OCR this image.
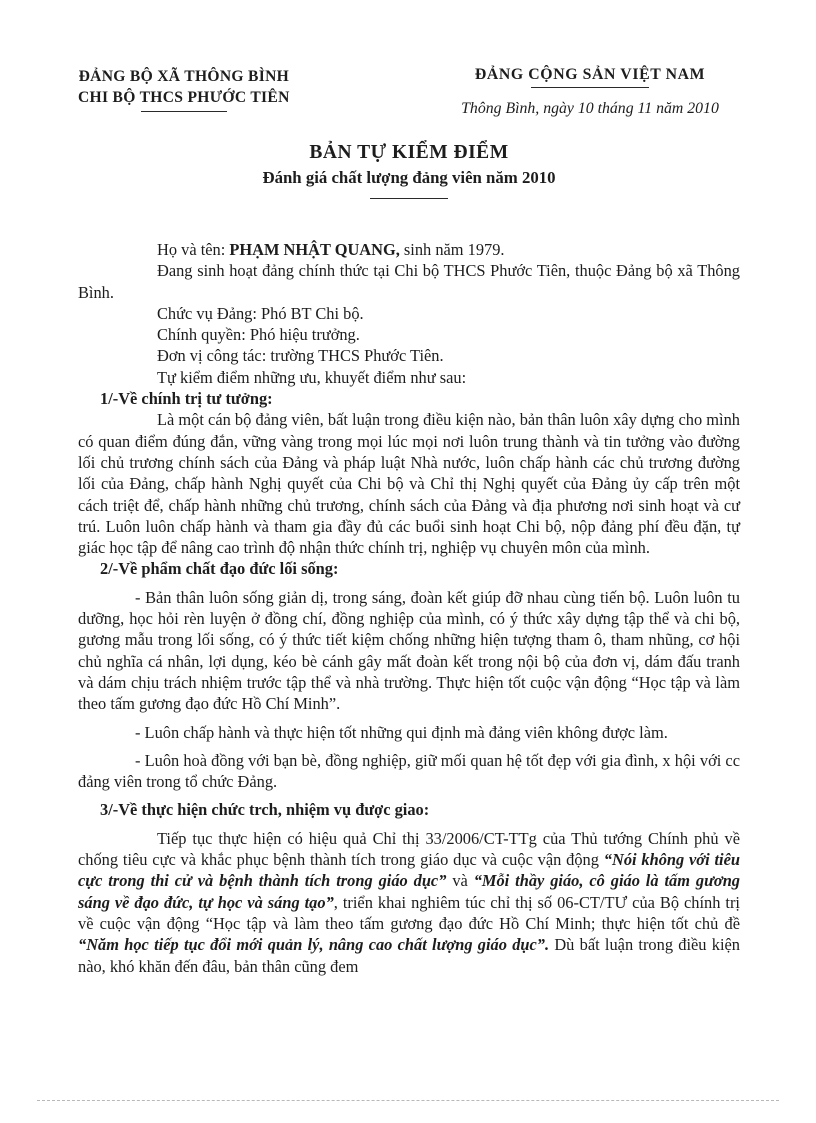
ĐẢNG BỘ XÃ THÔNG BÌNH
CHI BỘ THCS PHƯỚC TIÊN
ĐẢNG CỘNG SẢN VIỆT NAM
Thông Bình, ngày 10 tháng 11 năm 2010
BẢN TỰ KIỂM ĐIỂM
Đánh giá chất lượng đảng viên năm 2010

Họ và tên: PHẠM NHẬT QUANG, sinh năm 1979.

Đang sinh hoạt đảng chính thức tại Chi bộ THCS Phước Tiên, thuộc Đảng bộ xã Thông Bình.

Chức vụ Đảng: Phó BT Chi bộ.

Chính quyền: Phó hiệu trưởng.

Đơn vị công tác: trường THCS Phước Tiên.

Tự kiểm điểm những ưu, khuyết điểm như sau:

1/-Về chính trị tư tưởng:

Là một cán bộ đảng viên, bất luận trong điều kiện nào, bản thân luôn xây dựng cho mình có quan điểm đúng đắn, vững vàng trong mọi lúc mọi nơi luôn trung thành và tin tưởng vào đường lối chủ trương chính sách của Đảng và pháp luật Nhà nước, luôn chấp hành các chủ trương đường lối của Đảng, chấp hành Nghị quyết của Chi bộ và Chỉ thị Nghị quyết của Đảng ủy cấp trên một cách triệt để, chấp hành những chủ trương, chính sách của Đảng và địa phương nơi sinh hoạt và cư trú. Luôn luôn chấp hành và tham gia đầy đủ các buổi sinh hoạt Chi bộ, nộp đảng phí đều đặn, tự giác học tập để nâng cao trình độ nhận thức chính trị, nghiệp vụ chuyên môn của mình.

2/-Về phẩm chất đạo đức lối sống:

- Bản thân luôn sống giản dị, trong sáng, đoàn kết giúp đỡ nhau cùng tiến bộ. Luôn luôn tu dưỡng, học hỏi rèn luyện ở đồng chí, đồng nghiệp của mình, có ý thức xây dựng tập thể và chi bộ, gương mẫu trong lối sống, có ý thức tiết kiệm chống những hiện tượng tham ô, tham nhũng, cơ hội chủ nghĩa cá nhân, lợi dụng, kéo bè cánh gây mất đoàn kết trong nội bộ của đơn vị, dám đấu tranh và dám chịu trách nhiệm trước tập thể và nhà trường. Thực hiện tốt cuộc vận động “Học tập và làm theo tấm gương đạo đức Hồ Chí Minh”.

- Luôn chấp hành và thực hiện tốt những qui định mà đảng viên không được làm.

- Luôn hoà đồng với bạn bè, đồng nghiệp, giữ mối quan hệ tốt đẹp với gia đình, x hội với cc đảng viên trong tổ chức Đảng.

3/-Về thực hiện chức trch, nhiệm vụ được giao:

Tiếp tục thực hiện có hiệu quả Chỉ thị 33/2006/CT-TTg của Thủ tướng Chính phủ về chống tiêu cực và khắc phục bệnh thành tích trong giáo dục và cuộc vận động “Nói không với tiêu cực trong thi cử và bệnh thành tích trong giáo dục” và “Mỗi thầy giáo, cô giáo là tấm gương sáng về đạo đức, tự học và sáng tạo”, triển khai nghiêm túc chỉ thị số 06-CT/TƯ của Bộ chính trị về cuộc vận động “Học tập và làm theo tấm gương đạo đức Hồ Chí Minh; thực hiện tốt chủ đề “Năm học tiếp tục đổi mới quản lý, nâng cao chất lượng giáo dục”. Dù bất luận trong điều kiện nào, khó khăn đến đâu, bản thân cũng đem
